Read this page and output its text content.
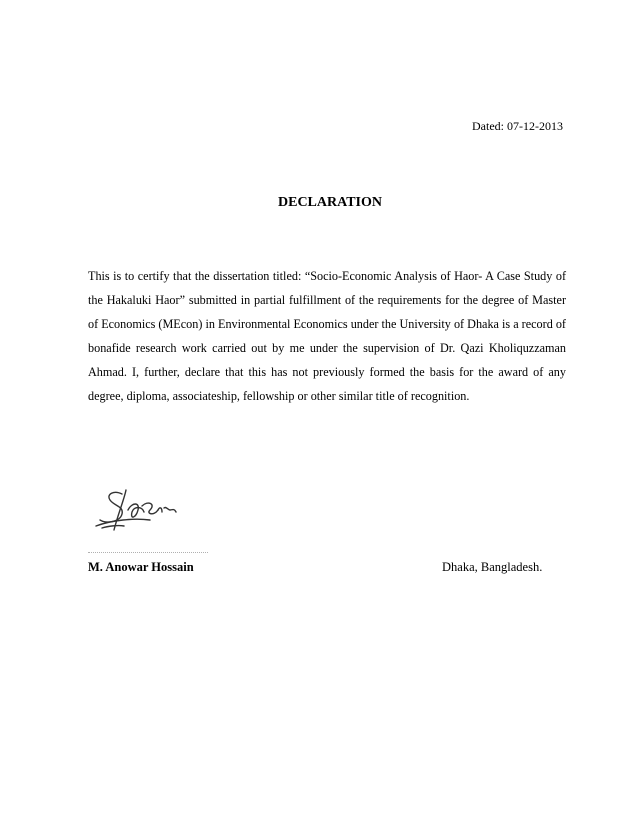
Dated: 07-12-2013
DECLARATION
This is to certify that the dissertation titled: “Socio-Economic Analysis of Haor- A Case Study of the Hakaluki Haor” submitted in partial fulfillment of the requirements for the degree of Master of Economics (MEcon) in Environmental Economics under the University of Dhaka is a record of bonafide research work carried out by me under the supervision of Dr. Qazi Kholiquzzaman Ahmad. I, further, declare that this has not previously formed the basis for the award of any degree, diploma, associateship, fellowship or other similar title of recognition.
M. Anowar Hossain	Dhaka, Bangladesh.
